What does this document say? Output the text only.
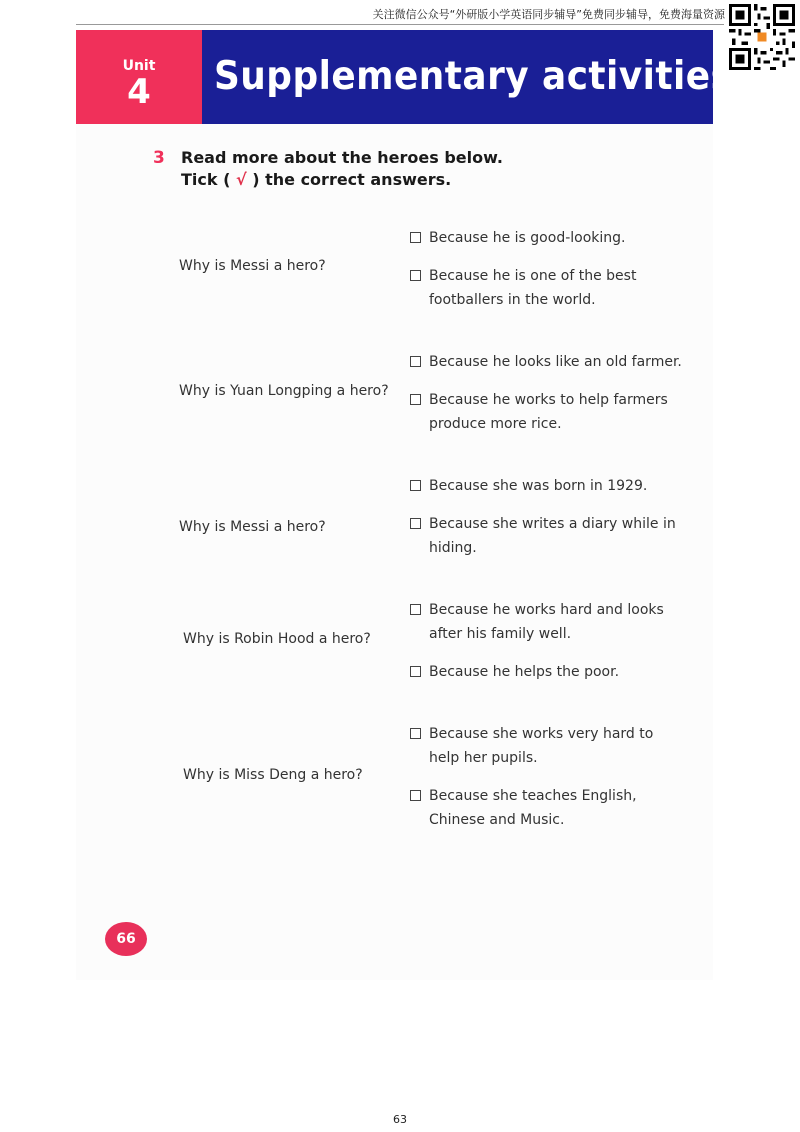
关注微信公众号“外研版小学英语同步辅导”免费同步辅导，免费海量资源
Unit
4	Supplementary activities
3 Read more about the heroes below.
Tick ( √ ) the correct answers.
Why is Messi a hero?
Because he is good-looking.
Because he is one of the best
footballers in the world.
Why is Yuan Longping a hero?
Because he looks like an old farmer.
Because he works to help farmers
produce more rice.
Why is Messi a hero?
Because she was born in 1929.
Because she writes a diary while in
hiding.
Why is Robin Hood a hero?
Because he works hard and looks
after his family well.
Because he helps the poor.
Why is Miss Deng a hero?
Because she works very hard to
help her pupils.
Because she teaches English,
Chinese and Music.
66
63
